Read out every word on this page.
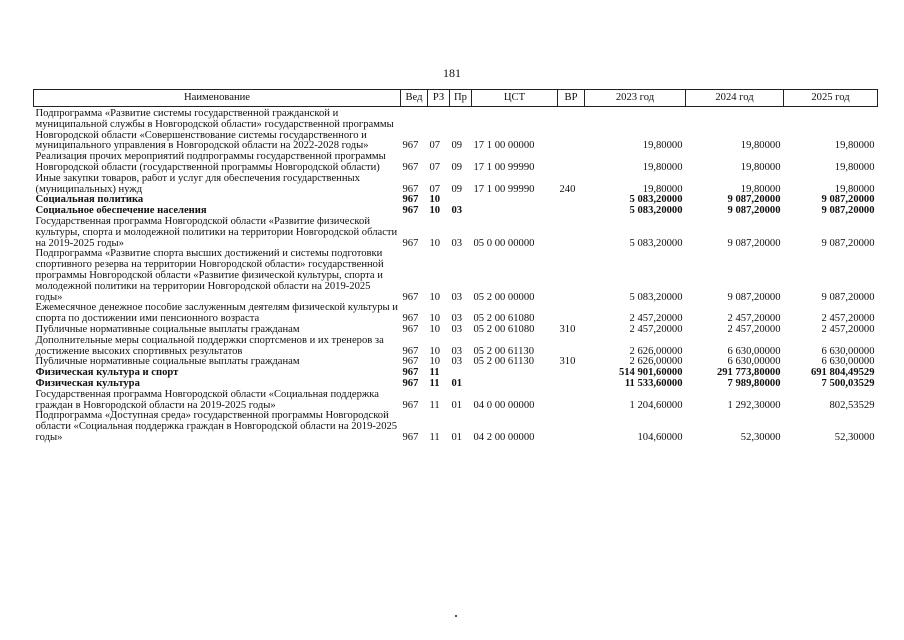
181
Наименование	Вед	РЗ	Пр	ЦСТ	ВР	2023 год	2024 год	2025 год
Подпрограмма «Развитие системы государственной гражданской и муниципальной службы в Новгородской области» государственной программы Новгородской области «Совершенствование системы государственного и муниципального управления в Новгородской области на 2022-2028 годы»	967	07	09	17 1 00 00000		19,80000	19,80000	19,80000
Реализация прочих мероприятий подпрограммы государственной программы Новгородской области (государственной программы Новгородской области)	967	07	09	17 1 00 99990		19,80000	19,80000	19,80000
Иные закупки товаров, работ и услуг для обеспечения государственных (муниципальных) нужд	967	07	09	17 1 00 99990	240	19,80000	19,80000	19,80000
Социальная политика	967	10				5 083,20000	9 087,20000	9 087,20000
Социальное обеспечение населения	967	10	03			5 083,20000	9 087,20000	9 087,20000
Государственная программа Новгородской области «Развитие физической культуры, спорта и молодежной политики на территории Новгородской области на 2019-2025 годы»	967	10	03	05 0 00 00000		5 083,20000	9 087,20000	9 087,20000
Подпрограмма «Развитие спорта высших достижений и системы подготовки спортивного резерва на территории Новгородской области» государственной программы Новгородской области «Развитие физической культуры, спорта и молодежной политики на территории Новгородской области на 2019-2025 годы»	967	10	03	05 2 00 00000		5 083,20000	9 087,20000	9 087,20000
Ежемесячное денежное пособие заслуженным деятелям физической культуры и спорта по достижении ими пенсионного возраста	967	10	03	05 2 00 61080		2 457,20000	2 457,20000	2 457,20000
Публичные нормативные социальные выплаты гражданам	967	10	03	05 2 00 61080	310	2 457,20000	2 457,20000	2 457,20000
Дополнительные меры социальной поддержки спортсменов и их тренеров за достижение высоких спортивных результатов	967	10	03	05 2 00 61130		2 626,00000	6 630,00000	6 630,00000
Публичные нормативные социальные выплаты гражданам	967	10	03	05 2 00 61130	310	2 626,00000	6 630,00000	6 630,00000
Физическая культура и спорт	967	11				514 901,60000	291 773,80000	691 804,49529
Физическая культура	967	11	01			11 533,60000	7 989,80000	7 500,03529
Государственная программа Новгородской области «Социальная поддержка граждан в Новгородской области на 2019-2025 годы»	967	11	01	04 0 00 00000		1 204,60000	1 292,30000	802,53529
Подпрограмма «Доступная среда» государственной программы Новгородской области «Социальная поддержка граждан в Новгородской области на 2019-2025 годы»	967	11	01	04 2 00 00000		104,60000	52,30000	52,30000
